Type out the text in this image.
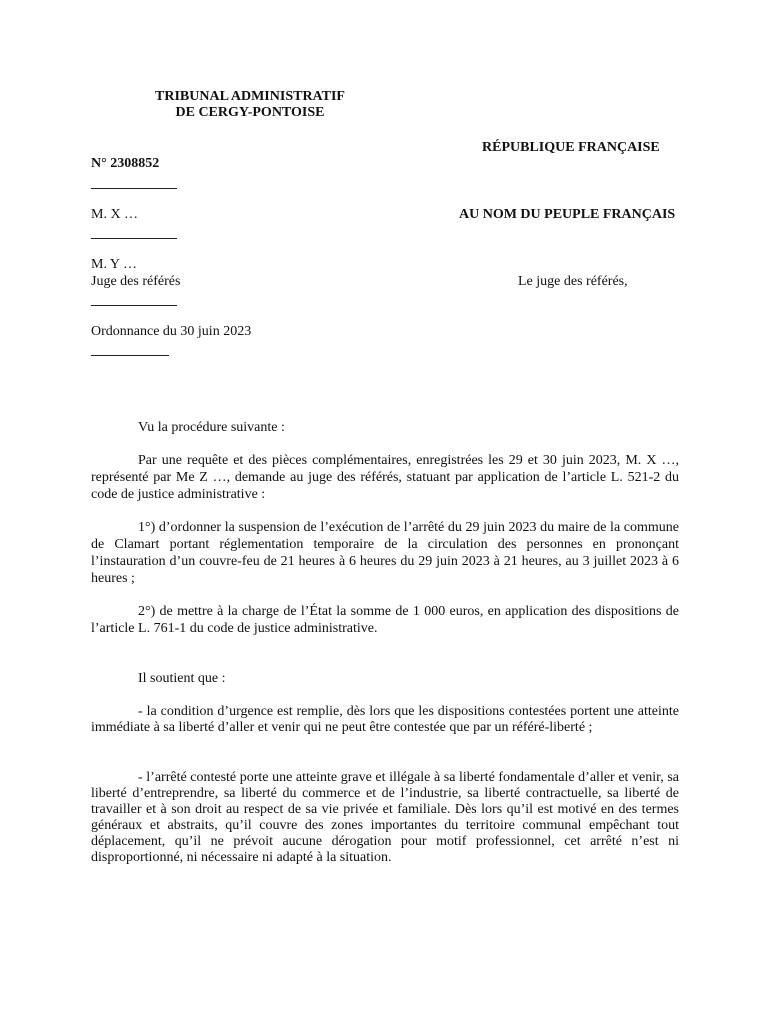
TRIBUNAL ADMINISTRATIF
DE CERGY-PONTOISE
RÉPUBLIQUE FRANÇAISE
N° 2308852
M. X …	AU NOM DU PEUPLE FRANÇAIS
M. Y …
Juge des référés	Le juge des référés,
Ordonnance du 30 juin 2023
Vu la procédure suivante :
Par une requête et des pièces complémentaires, enregistrées les 29 et 30 juin 2023, M. X …, représenté par Me Z …, demande au juge des référés, statuant par application de l’article L. 521-2 du code de justice administrative :
1°) d’ordonner la suspension de l’exécution de l’arrêté du 29 juin 2023 du maire de la commune de Clamart portant réglementation temporaire de la circulation des personnes en prononçant l’instauration d’un couvre-feu de 21 heures à 6 heures du 29 juin 2023 à 21 heures, au 3 juillet 2023 à 6 heures ;
2°) de mettre à la charge de l’État la somme de 1 000 euros, en application des dispositions de l’article L. 761-1 du code de justice administrative.
Il soutient que :
- la condition d’urgence est remplie, dès lors que les dispositions contestées portent une atteinte immédiate à sa liberté d’aller et venir qui ne peut être contestée que par un référé-liberté ;
- l’arrêté contesté porte une atteinte grave et illégale à sa liberté fondamentale d’aller et venir, sa liberté d’entreprendre, sa liberté du commerce et de l’industrie, sa liberté contractuelle, sa liberté de travailler et à son droit au respect de sa vie privée et familiale. Dès lors qu’il est motivé en des termes généraux et abstraits, qu’il couvre des zones importantes du territoire communal empêchant tout déplacement, qu’il ne prévoit aucune dérogation pour motif professionnel, cet arrêté n’est ni disproportionné, ni nécessaire ni adapté à la situation.
